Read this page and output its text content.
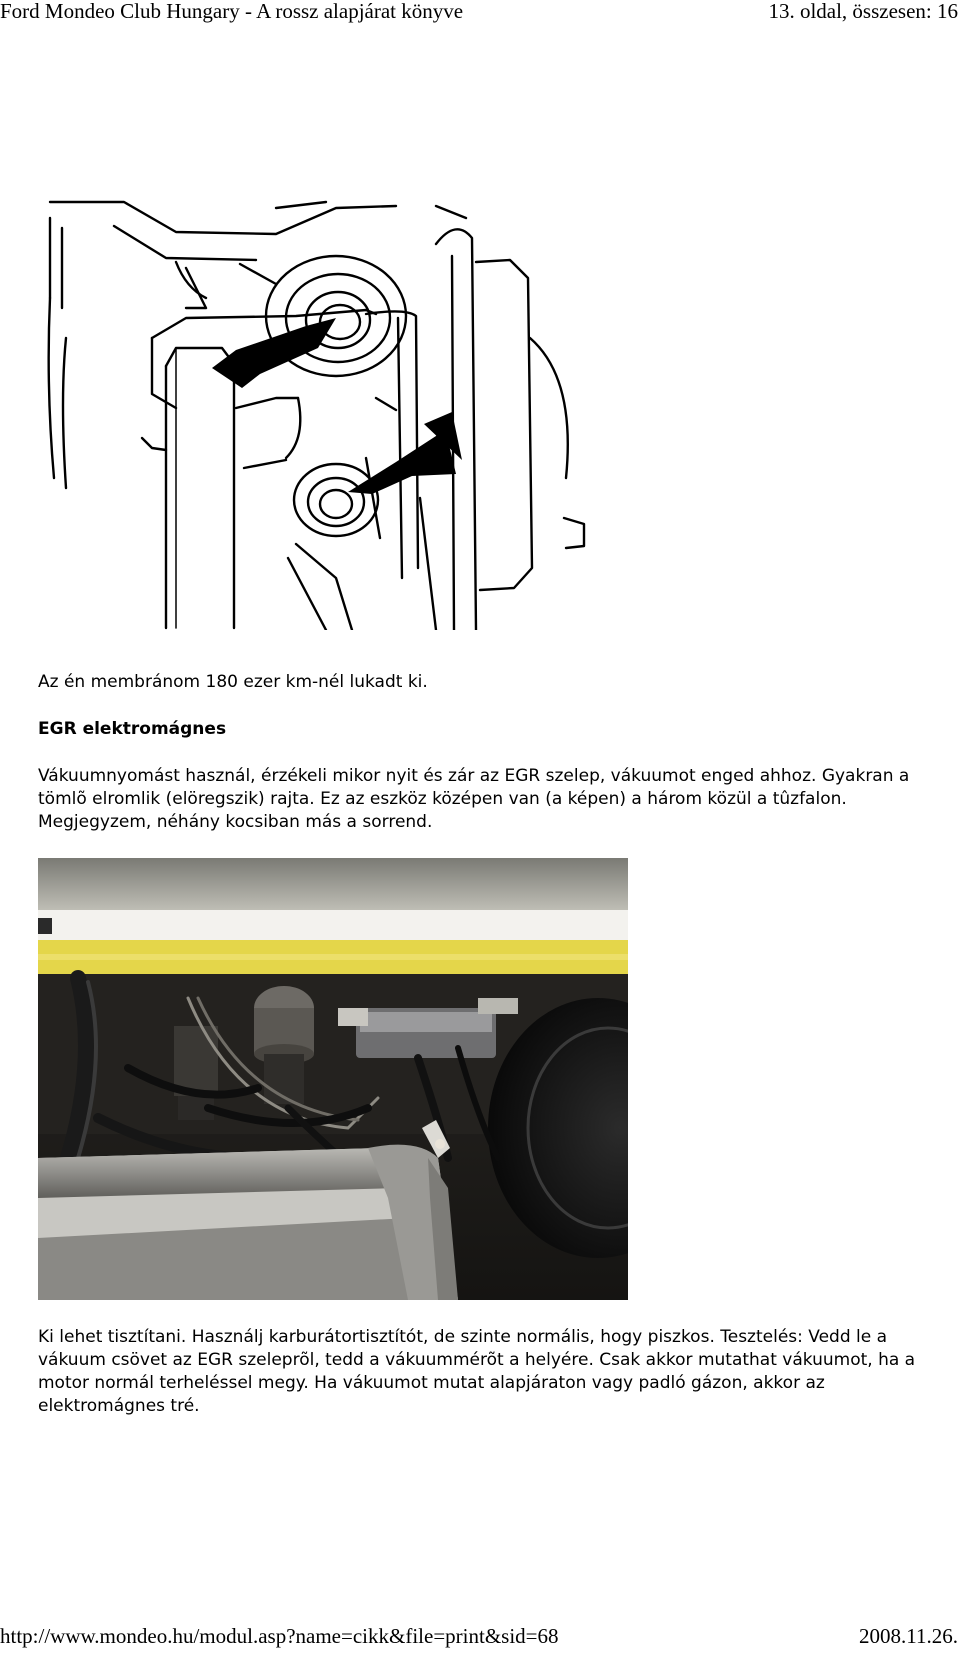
Ford Mondeo Club Hungary - A rossz alapjárat könyve	13. oldal, összesen: 16

Az én membránom 180 ezer km-nél lukadt ki.

EGR elektromágnes

Vákuumnyomást használ, érzékeli mikor nyit és zár az EGR szelep, vákuumot enged ahhoz. Gyakran a tömlõ elromlik (elöregszik) rajta. Ez az eszköz középen van (a képen) a három közül a tûzfalon. Megjegyzem, néhány kocsiban más a sorrend.

Ki lehet tisztítani. Használj karburátortisztítót, de szinte normális, hogy piszkos. Tesztelés: Vedd le a vákuum csövet az EGR szeleprõl, tedd a vákuummérõt a helyére. Csak akkor mutathat vákuumot, ha a motor normál terheléssel megy. Ha vákuumot mutat alapjáraton vagy padló gázon, akkor az elektromágnes tré.

http://www.mondeo.hu/modul.asp?name=cikk&file=print&sid=68	2008.11.26.
